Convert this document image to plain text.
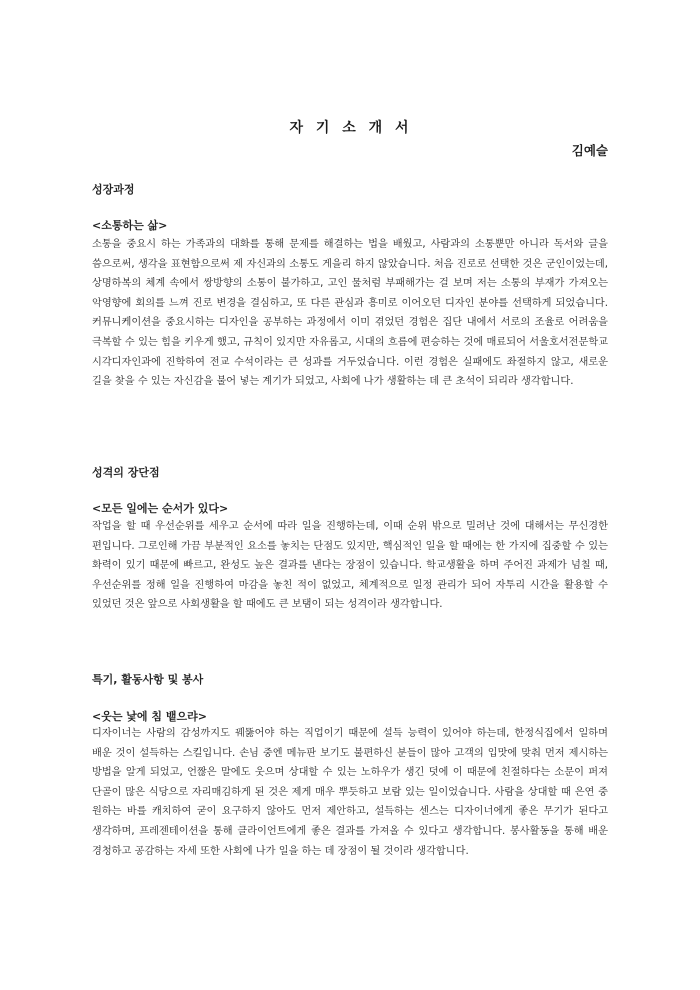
자 기 소 개 서
김예슬
성장과정
<소통하는 삶>
소통을 중요시 하는 가족과의 대화를 통해 문제를 해결하는 법을 배웠고, 사람과의 소통뿐만 아니라 독서와 글을 씀으로써, 생각을 표현함으로써 제 자신과의 소통도 게을리 하지 않았습니다. 처음 진로로 선택한 것은 군인이었는데, 상명하복의 체계 속에서 쌍방향의 소통이 불가하고, 고인 물처럼 부패해가는 걸 보며 저는 소통의 부재가 가져오는 악영향에 회의를 느껴 진로 변경을 결심하고, 또 다른 관심과 흥미로 이어오던 디자인 분야를 선택하게 되었습니다. 커뮤니케이션을 중요시하는 디자인을 공부하는 과정에서 이미 겪었던 경험은 집단 내에서 서로의 조율로 어려움을 극복할 수 있는 힘을 키우게 했고, 규칙이 있지만 자유롭고, 시대의 흐름에 편승하는 것에 매료되어 서울호서전문학교 시각디자인과에 진학하여 전교 수석이라는 큰 성과를 거두었습니다. 이런 경험은 실패에도 좌절하지 않고, 새로운 길을 찾을 수 있는 자신감을 불어 넣는 계기가 되었고, 사회에 나가 생활하는 데 큰 초석이 되리라 생각합니다.
성격의 장단점
<모든 일에는 순서가 있다>
작업을 할 때 우선순위를 세우고 순서에 따라 일을 진행하는데, 이때 순위 밖으로 밀려난 것에 대해서는 무신경한 편입니다. 그로인해 가끔 부분적인 요소를 놓치는 단점도 있지만, 핵심적인 일을 할 때에는 한 가지에 집중할 수 있는 화력이 있기 때문에 빠르고, 완성도 높은 결과를 낸다는 장점이 있습니다. 학교생활을 하며 주어진 과제가 넘칠 때, 우선순위를 정해 일을 진행하여 마감을 놓친 적이 없었고, 체계적으로 일정 관리가 되어 자투리 시간을 활용할 수 있었던 것은 앞으로 사회생활을 할 때에도 큰 보탬이 되는 성격이라 생각합니다.
특기, 활동사항 및 봉사
<웃는 낯에 침 뱉으랴>
디자이너는 사람의 감성까지도 꿰뚫어야 하는 직업이기 때문에 설득 능력이 있어야 하는데, 한정식집에서 일하며 배운 것이 설득하는 스킬입니다. 손님 중엔 메뉴판 보기도 불편하신 분들이 많아 고객의 입맛에 맞춰 먼저 제시하는 방법을 알게 되었고, 언짢은 말에도 웃으며 상대할 수 있는 노하우가 생긴 덧에 이 때문에 친절하다는 소문이 퍼져 단골이 많은 식당으로 자리매김하게 된 것은 제게 매우 뿌듯하고 보람 있는 일이었습니다. 사람을 상대할 때 은연 중 원하는 바를 캐치하여 굳이 요구하지 않아도 먼저 제안하고, 설득하는 센스는 디자이너에게 좋은 무기가 된다고 생각하며, 프레젠테이션을 통해 클라이언트에게 좋은 결과를 가져올 수 있다고 생각합니다. 봉사활동을 통해 배운 경청하고 공감하는 자세 또한 사회에 나가 일을 하는 데 장점이 될 것이라 생각합니다.
